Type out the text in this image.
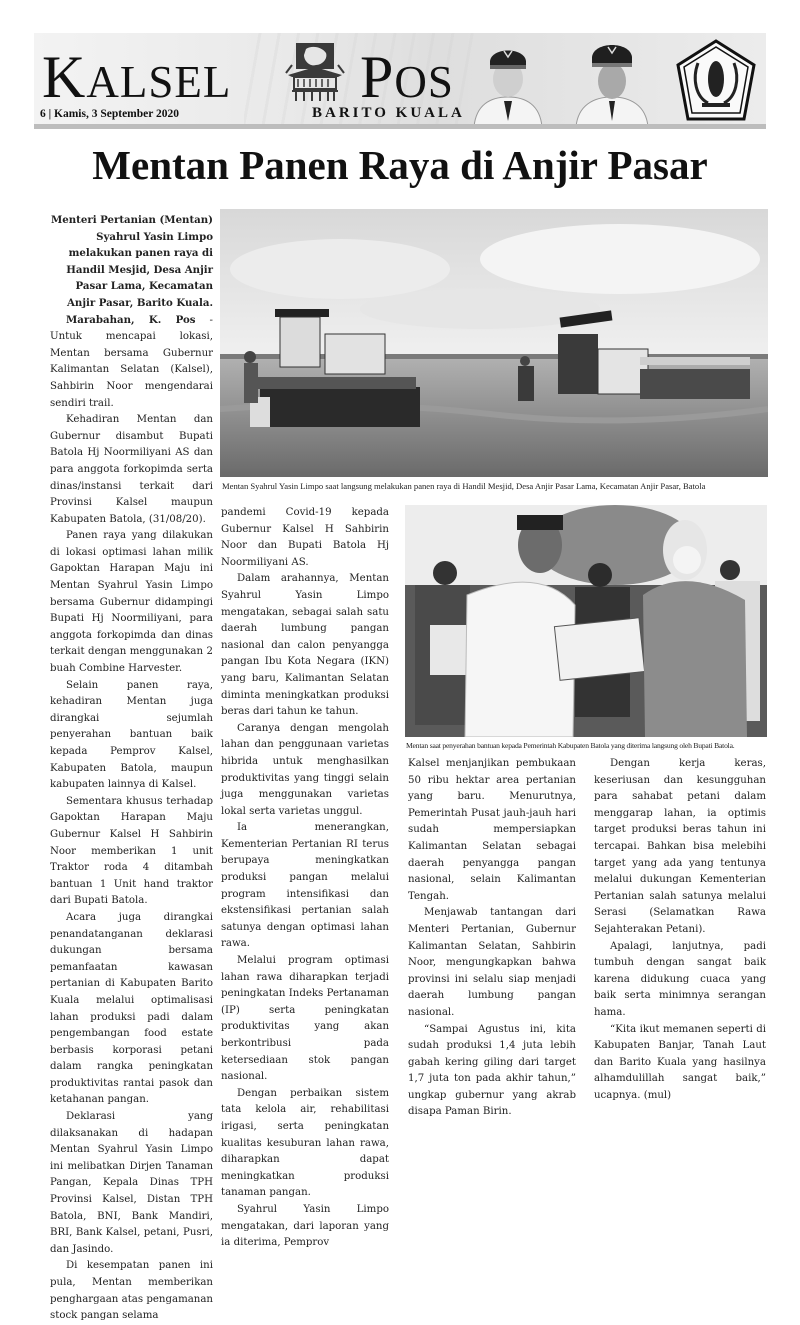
KALSEL POS
6 | Kamis, 3 September 2020	BARITO KUALA
Mentan Panen Raya di Anjir Pasar

Menteri Pertanian (Mentan) Syahrul Yasin Limpo melakukan panen raya di Handil Mesjid, Desa Anjir Pasar Lama, Kecamatan Anjir Pasar, Barito Kuala.

Marabahan, K. Pos - Untuk mencapai lokasi, Mentan bersama Gubernur Kalimantan Selatan (Kalsel), Sahbirin Noor mengendarai sendiri trail.

Kehadiran Mentan dan Gubernur disambut Bupati Batola Hj Noormiliyani AS dan para anggota forkopimda serta dinas/instansi terkait dari Provinsi Kalsel maupun Kabupaten Batola, (31/08/20).

Panen raya yang dilakukan di lokasi optimasi lahan milik Gapoktan Harapan Maju ini Mentan Syahrul Yasin Limpo bersama Gubernur didampingi Bupati Hj Noormiliyani, para anggota forkopimda dan dinas terkait dengan menggunakan 2 buah Combine Harvester.

Selain panen raya, kehadiran Mentan juga dirangkai sejumlah penyerahan bantuan baik kepada Pemprov Kalsel, Kabupaten Batola, maupun kabupaten lainnya di Kalsel.

Sementara khusus terhadap Gapoktan Harapan Maju Gubernur Kalsel H Sahbirin Noor memberikan 1 unit Traktor roda 4 ditambah bantuan 1 Unit hand traktor dari Bupati Batola.

Acara juga dirangkai penandatanganan deklarasi dukungan bersama pemanfaatan kawasan pertanian di Kabupaten Barito Kuala melalui optimalisasi lahan produksi padi dalam pengembangan food estate berbasis korporasi petani dalam rangka peningkatan produktivitas rantai pasok dan ketahanan pangan.

Deklarasi yang dilaksanakan di hadapan Mentan Syahrul Yasin Limpo ini melibatkan Dirjen Tanaman Pangan, Kepala Dinas TPH Provinsi Kalsel, Distan TPH Batola, BNI, Bank Mandiri, BRI, Bank Kalsel, petani, Pusri, dan Jasindo.

Di kesempatan panen ini pula, Mentan memberikan penghargaan atas pengamanan stock pangan selama

Mentan Syahrul Yasin Limpo saat langsung melakukan panen raya di Handil Mesjid, Desa Anjir Pasar Lama, Kecamatan Anjir Pasar, Batola

pandemi Covid-19 kepada Gubernur Kalsel H Sahbirin Noor dan Bupati Batola Hj Noormiliyani AS.

Dalam arahannya, Mentan Syahrul Yasin Limpo mengatakan, sebagai salah satu daerah lumbung pangan nasional dan calon penyangga pangan Ibu Kota Negara (IKN) yang baru, Kalimantan Selatan diminta meningkatkan produksi beras dari tahun ke tahun.

Caranya dengan mengolah lahan dan penggunaan varietas hibrida untuk menghasilkan produktivitas yang tinggi selain juga menggunakan varietas lokal serta varietas unggul.

Ia menerangkan, Kementerian Pertanian RI terus berupaya meningkatkan produksi pangan melalui program intensifikasi dan ekstensifikasi pertanian salah satunya dengan optimasi lahan rawa.

Melalui program optimasi lahan rawa diharapkan terjadi peningkatan Indeks Pertanaman (IP) serta peningkatan produktivitas yang akan berkontribusi pada ketersediaan stok pangan nasional.

Dengan perbaikan sistem tata kelola air, rehabilitasi irigasi, serta peningkatan kualitas kesuburan lahan rawa, diharapkan dapat meningkatkan produksi tanaman pangan.

Syahrul Yasin Limpo mengatakan, dari laporan yang ia diterima, Pemprov

Mentan saat penyerahan bantuan kepada Pemerintah Kabupaten Batola yang diterima langsung oleh Bupati Batola.

Kalsel menjanjikan pembukaan 50 ribu hektar area pertanian yang baru. Menurutnya, Pemerintah Pusat jauh-jauh hari sudah mempersiapkan Kalimantan Selatan sebagai daerah penyangga pangan nasional, selain Kalimantan Tengah.

Menjawab tantangan dari Menteri Pertanian, Gubernur Kalimantan Selatan, Sahbirin Noor, mengungkapkan bahwa provinsi ini selalu siap menjadi daerah lumbung pangan nasional.

“Sampai Agustus ini, kita sudah produksi 1,4 juta lebih gabah kering giling dari target 1,7 juta ton pada akhir tahun,” ungkap gubernur yang akrab disapa Paman Birin.

Dengan kerja keras, keseriusan dan kesungguhan para sahabat petani dalam menggarap lahan, ia optimis target produksi beras tahun ini tercapai. Bahkan bisa melebihi target yang ada yang tentunya melalui dukungan Kementerian Pertanian salah satunya melalui Serasi (Selamatkan Rawa Sejahterakan Petani).

Apalagi, lanjutnya, padi tumbuh dengan sangat baik karena didukung cuaca yang baik serta minimnya serangan hama.

“Kita ikut memanen seperti di Kabupaten Banjar, Tanah Laut dan Barito Kuala yang hasilnya alhamdulillah sangat baik,” ucapnya. (mul)
